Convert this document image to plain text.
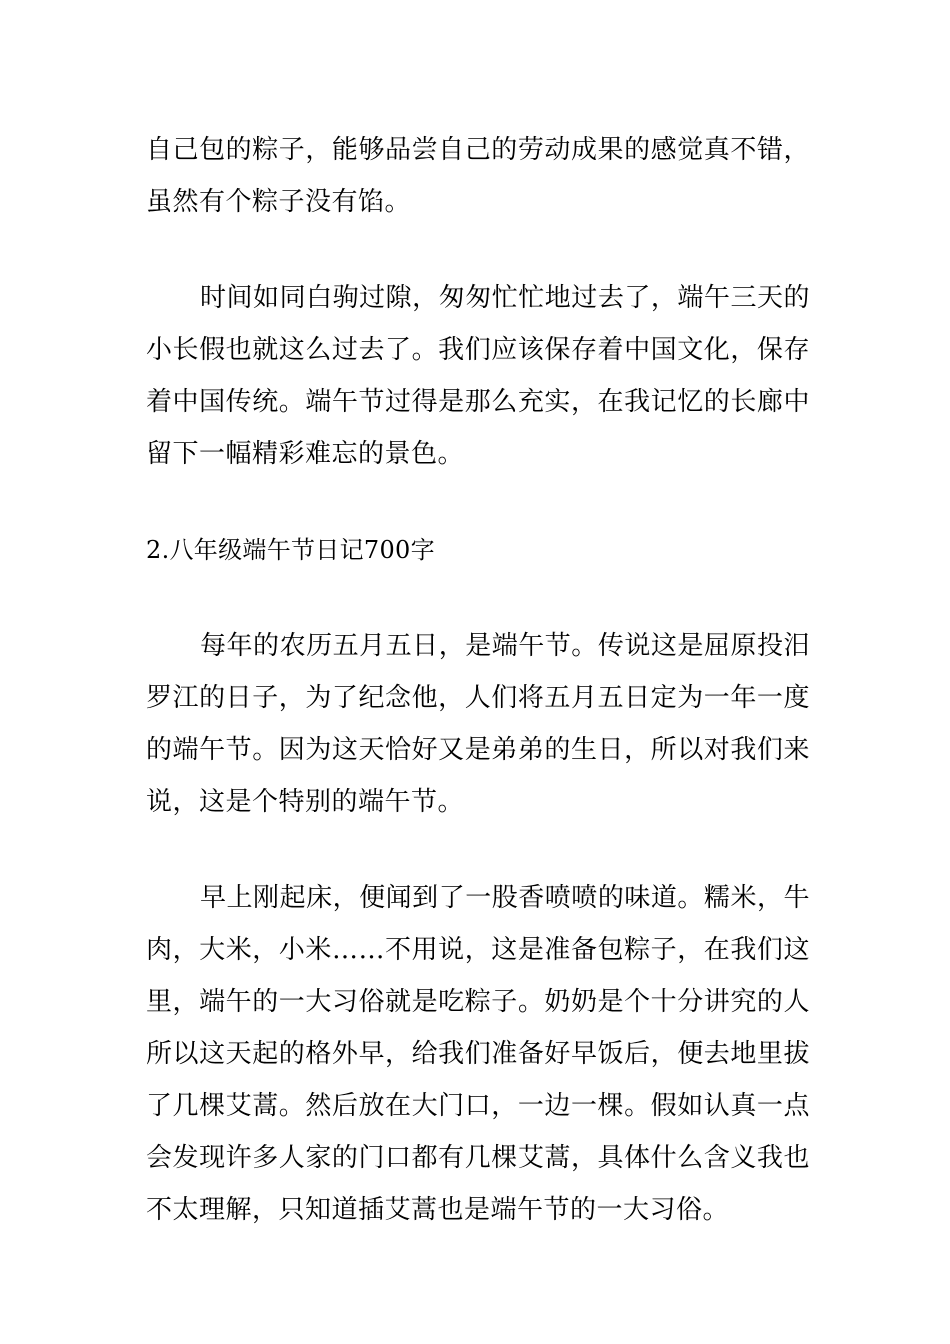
自己包的粽子，能够品尝自己的劳动成果的感觉真不错，虽然有个粽子没有馅。

时间如同白驹过隙，匆匆忙忙地过去了，端午三天的小长假也就这么过去了。我们应该保存着中国文化，保存着中国传统。端午节过得是那么充实，在我记忆的长廊中留下一幅精彩难忘的景色。

2.八年级端午节日记700字

每年的农历五月五日，是端午节。传说这是屈原投汨罗江的日子，为了纪念他，人们将五月五日定为一年一度的端午节。因为这天恰好又是弟弟的生日，所以对我们来说，这是个特别的端午节。

早上刚起床，便闻到了一股香喷喷的味道。糯米，牛肉，大米，小米……不用说，这是准备包粽子，在我们这里，端午的一大习俗就是吃粽子。奶奶是个十分讲究的人所以这天起的格外早，给我们准备好早饭后，便去地里拔了几棵艾蒿。然后放在大门口，一边一棵。假如认真一点会发现许多人家的门口都有几棵艾蒿，具体什么含义我也不太理解，只知道插艾蒿也是端午节的一大习俗。
